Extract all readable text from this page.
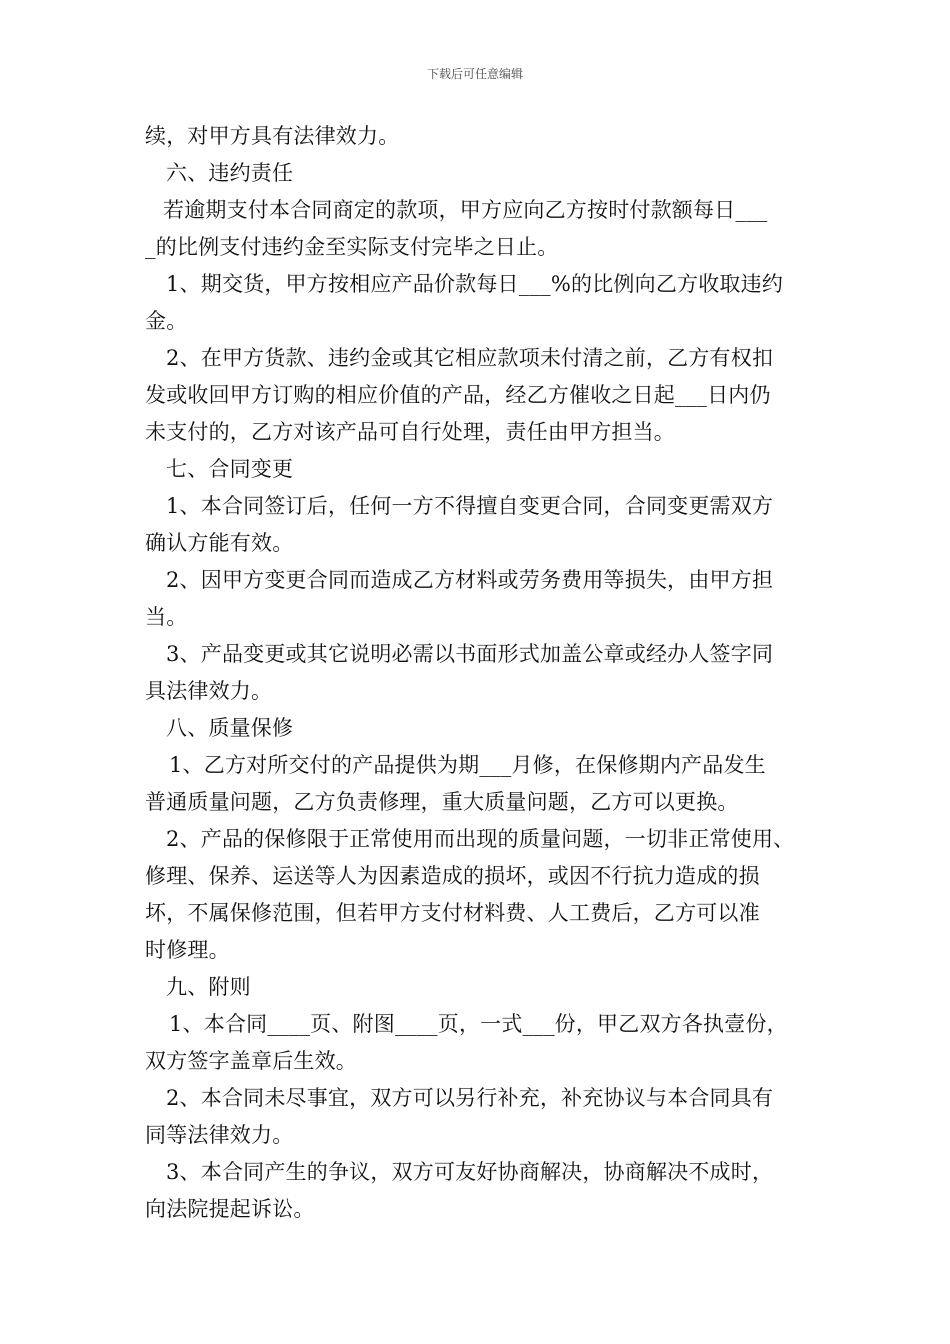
下载后可任意编辑
续，对甲方具有法律效力。
六、违约责任
若逾期支付本合同商定的款项，甲方应向乙方按时付款额每日___
_的比例支付违约金至实际支付完毕之日止。
1、期交货，甲方按相应产品价款每日___%的比例向乙方收取违约
金。
2、在甲方货款、违约金或其它相应款项未付清之前，乙方有权扣
发或收回甲方订购的相应价值的产品，经乙方催收之日起___日内仍
未支付的，乙方对该产品可自行处理，责任由甲方担当。
七、合同变更
1、本合同签订后，任何一方不得擅自变更合同，合同变更需双方
确认方能有效。
2、因甲方变更合同而造成乙方材料或劳务费用等损失，由甲方担
当。
3、产品变更或其它说明必需以书面形式加盖公章或经办人签字同
具法律效力。
八、质量保修
1、乙方对所交付的产品提供为期___月修，在保修期内产品发生
普通质量问题，乙方负责修理，重大质量问题，乙方可以更换。
2、产品的保修限于正常使用而出现的质量问题，一切非正常使用、
修理、保养、运送等人为因素造成的损坏，或因不行抗力造成的损
坏，不属保修范围，但若甲方支付材料费、人工费后，乙方可以准
时修理。
九、附则
1、本合同____页、附图____页，一式___份，甲乙双方各执壹份，
双方签字盖章后生效。
2、本合同未尽事宜，双方可以另行补充，补充协议与本合同具有
同等法律效力。
3、本合同产生的争议，双方可友好协商解决，协商解决不成时，
向法院提起诉讼。
